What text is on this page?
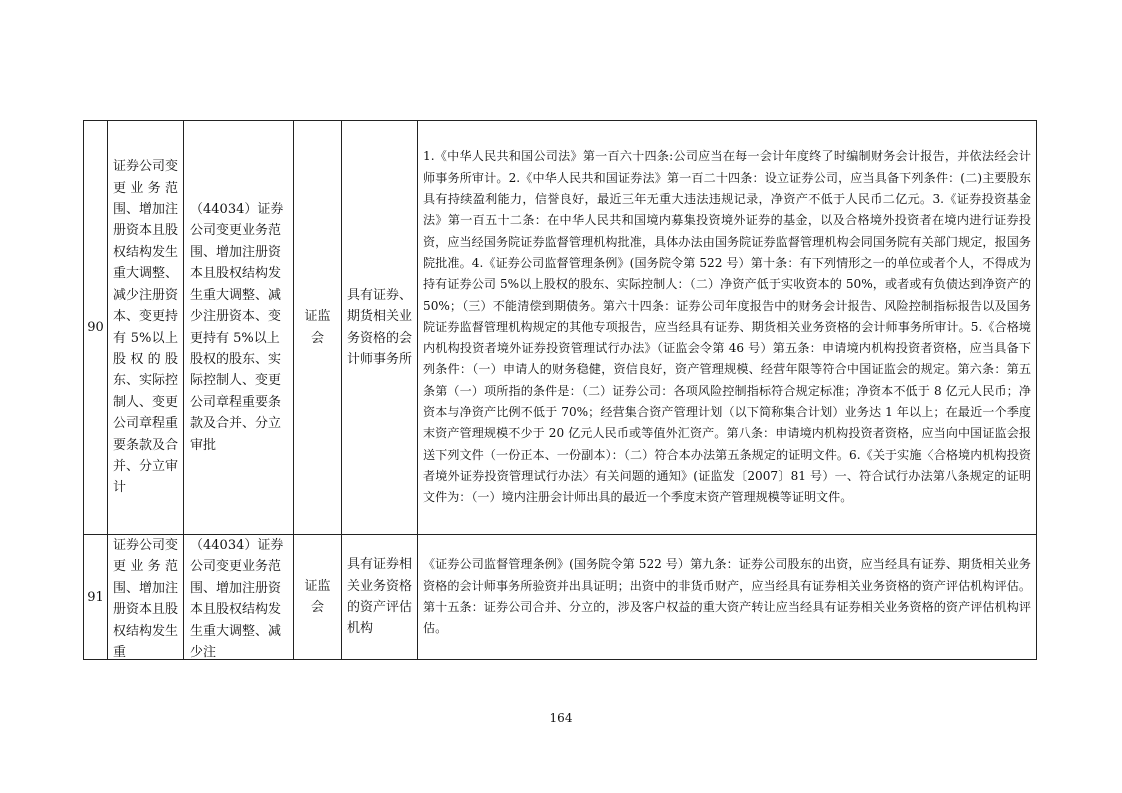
90	证券公司变更业务范围、增加注册资本且股权结构发生重大调整、减少注册资本、变更持有 5%以上股权的股东、实际控制人、变更公司章程重要条款及合并、分立审计	（44034）证券公司变更业务范围、增加注册资本且股权结构发生重大调整、减少注册资本、变更持有 5%以上股权的股东、实际控制人、变更公司章程重要条款及合并、分立审批	证监会	具有证券、期货相关业务资格的会计师事务所	1.《中华人民共和国公司法》第一百六十四条:公司应当在每一会计年度终了时编制财务会计报告，并依法经会计师事务所审计。2.《中华人民共和国证券法》第一百二十四条：设立证券公司，应当具备下列条件：(二)主要股东具有持续盈利能力，信誉良好，最近三年无重大违法违规记录，净资产不低于人民币二亿元。3.《证券投资基金法》第一百五十二条：在中华人民共和国境内募集投资境外证券的基金，以及合格境外投资者在境内进行证券投资，应当经国务院证券监督管理机构批准，具体办法由国务院证券监督管理机构会同国务院有关部门规定，报国务院批准。4.《证券公司监督管理条例》(国务院令第 522 号）第十条：有下列情形之一的单位或者个人，不得成为持有证券公司 5%以上股权的股东、实际控制人：（二）净资产低于实收资本的 50%，或者或有负债达到净资产的 50%；（三）不能清偿到期债务。第六十四条：证券公司年度报告中的财务会计报告、风险控制指标报告以及国务院证券监督管理机构规定的其他专项报告，应当经具有证券、期货相关业务资格的会计师事务所审计。5.《合格境内机构投资者境外证券投资管理试行办法》（证监会令第 46 号）第五条：申请境内机构投资者资格，应当具备下列条件：（一）申请人的财务稳健，资信良好，资产管理规模、经营年限等符合中国证监会的规定。第六条：第五条第（一）项所指的条件是：（二）证券公司：各项风险控制指标符合规定标准；净资本不低于 8 亿元人民币；净资本与净资产比例不低于 70%；经营集合资产管理计划（以下简称集合计划）业务达 1 年以上；在最近一个季度末资产管理规模不少于 20 亿元人民币或等值外汇资产。第八条：申请境内机构投资者资格，应当向中国证监会报送下列文件（一份正本、一份副本）：（二）符合本办法第五条规定的证明文件。6.《关于实施〈合格境内机构投资者境外证券投资管理试行办法〉有关问题的通知》(证监发〔2007〕81 号）一、符合试行办法第八条规定的证明文件为：（一）境内注册会计师出具的最近一个季度末资产管理规模等证明文件。
91	证券公司变更业务范围、增加注册资本且股权结构发生重	（44034）证券公司变更业务范围、增加注册资本且股权结构发生重大调整、减少注	证监会	具有证券相关业务资格的资产评估机构	《证券公司监督管理条例》(国务院令第 522 号）第九条：证券公司股东的出资，应当经具有证券、期货相关业务资格的会计师事务所验资并出具证明；出资中的非货币财产，应当经具有证券相关业务资格的资产评估机构评估。第十五条：证券公司合并、分立的，涉及客户权益的重大资产转让应当经具有证券相关业务资格的资产评估机构评估。
164
